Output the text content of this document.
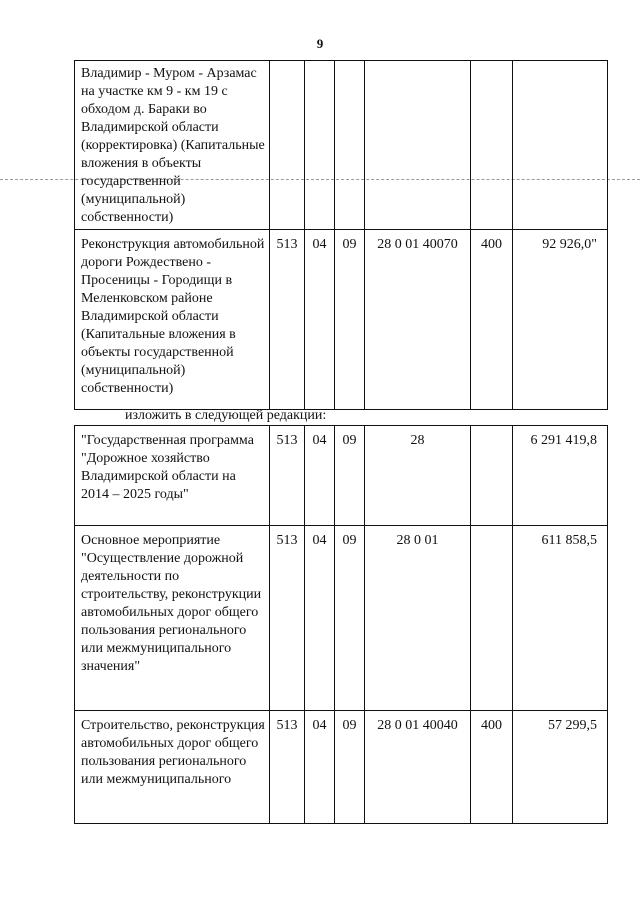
9
Владимир - Муром - Арзамас на участке км 9 - км 19 с обходом д. Бараки во Владимирской области (корректировка) (Капитальные вложения в объекты государственной (муниципальной) собственности)						
Реконструкция автомобильной дороги Рождествено - Просеницы - Городищи в Меленковском районе Владимирской области (Капитальные вложения в объекты государственной (муниципальной) собственности)	513	04	09	28 0 01 40070	400	92 926,0"
изложить в следующей редакции:
"Государственная программа "Дорожное хозяйство Владимирской области на 2014 – 2025 годы"	513	04	09	28		6 291 419,8
Основное мероприятие "Осуществление дорожной деятельности по строительству, реконструкции автомобильных дорог общего пользования регионального или межмуниципального значения"	513	04	09	28 0 01		611 858,5
Строительство, реконструкция автомобильных дорог общего пользования регионального или межмуниципального	513	04	09	28 0 01 40040	400	57 299,5
